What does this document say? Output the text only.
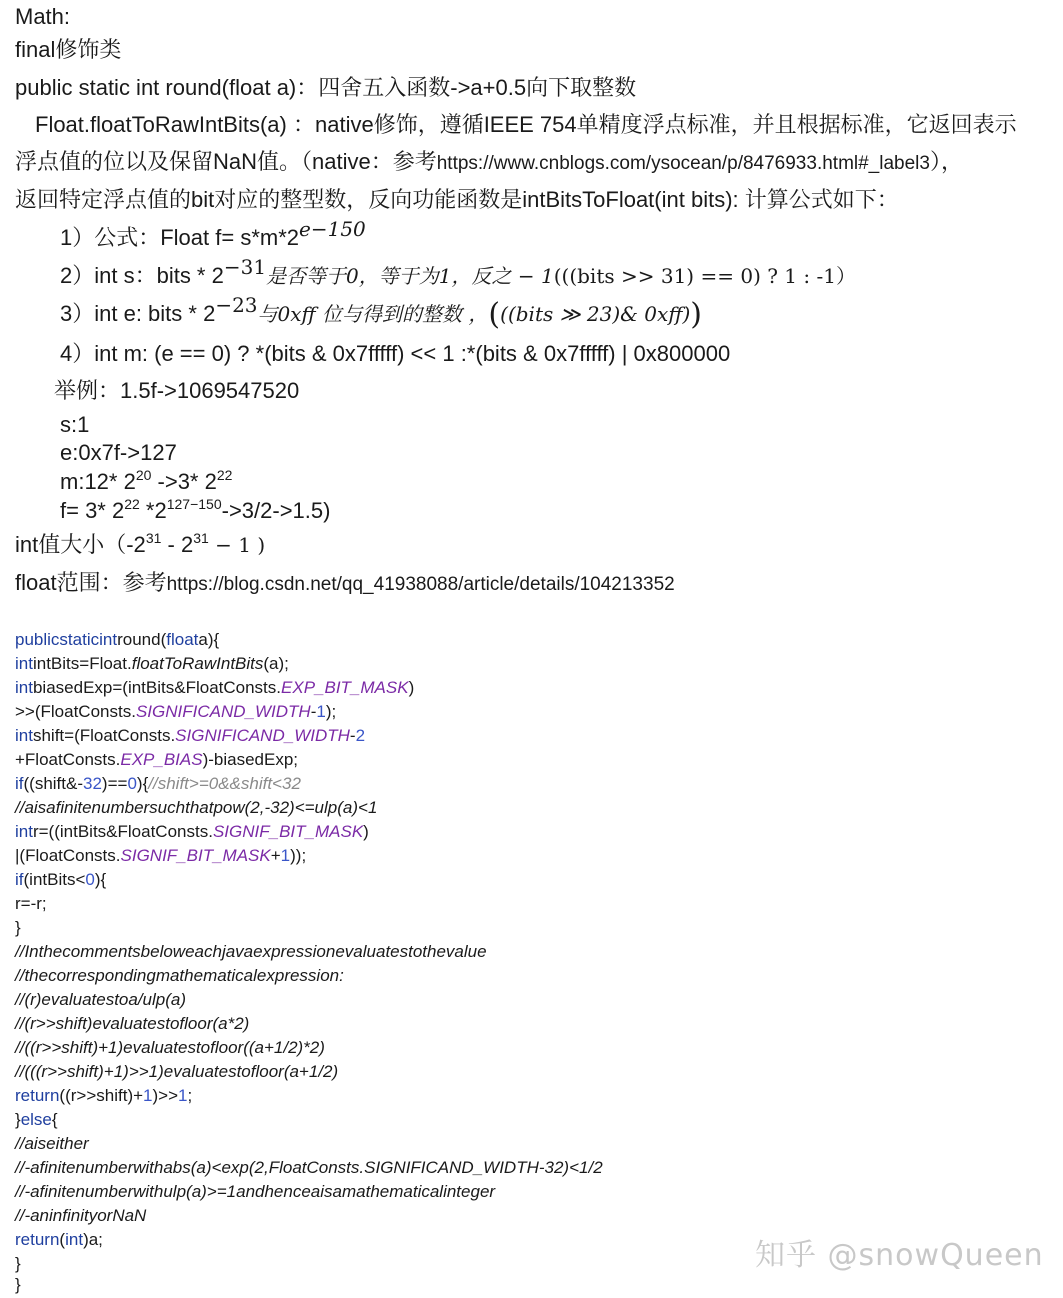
Math:
final修饰类
public static int round(float a)：四舍五入函数->a+0.5向下取整数
Float.floatToRawIntBits(a) ：native修饰，遵循IEEE 754单精度浮点标准，并且根据标准，它返回表示
浮点值的位以及保留NaN值。（native：参考https://www.cnblogs.com/ysocean/p/8476933.html#_label3），
返回特定浮点值的bit对应的整型数，反向功能函数是intBitsToFloat(int bits): 计算公式如下：
1）公式：Float $f= s*m*2^{e-150}$
2）int s：bits * $2^{-31}$是否等于0，等于为1，反之 − 1(((bits >> 31) == 0) ? 1 : -1）
3）int e: bits * $2^{-23}$与0xff 位与得到的整数 ，(((bits ≫ 23)& 0xff))
4）int m: (e == 0) ? *(bits & 0x7fffff) << 1 :*(bits & 0x7fffff) | 0x800000
举例：1.5f->1069547520
s:1
e:0x7f->127
m:12* $2^{20}$ ->3* $2^{22}$
f= 3* $2^{22}$ $*2^{127-150}->3/2->1.5$)
int值大小（$-2^{31} - 2^{31} - 1$ )
float范围：参考https://blog.csdn.net/qq_41938088/article/details/104213352
publicstaticintround(floata){
intintBits=Float.floatToRawIntBits(a);
intbiasedExp=(intBits&FloatConsts.EXP_BIT_MASK)
>>(FloatConsts.SIGNIFICAND_WIDTH-1);
intshift=(FloatConsts.SIGNIFICAND_WIDTH-2
+FloatConsts.EXP_BIAS)-biasedExp;
if((shift&-32)==0){//shift>=0&&shift<32
//aisafinitenumbersuchthatpow(2,-32)<=ulp(a)<1
intr=((intBits&FloatConsts.SIGNIF_BIT_MASK)
|(FloatConsts.SIGNIF_BIT_MASK+1));
if(intBits<0){
r=-r;
}
//Inthecommentsbeloweachjavaexpressionevaluatestothevalue
//thecorrespondingmathematicalexpression:
//(r)evaluatestoa/ulp(a)
//(r>>shift)evaluatestofloor(a*2)
//((r>>shift)+1)evaluatestofloor((a+1/2)*2)
//(((r>>shift)+1)>>1)evaluatestofloor(a+1/2)
return((r>>shift)+1)>>1;
}else{
//aiseither
//-afinitenumberwithabs(a)<exp(2,FloatConsts.SIGNIFICAND_WIDTH-32)<1/2
//-afinitenumberwithulp(a)>=1andhenceaisamathematicalinteger
//-aninfinityorNaN
return(int)a;
}
}
知乎 @snowQueen
